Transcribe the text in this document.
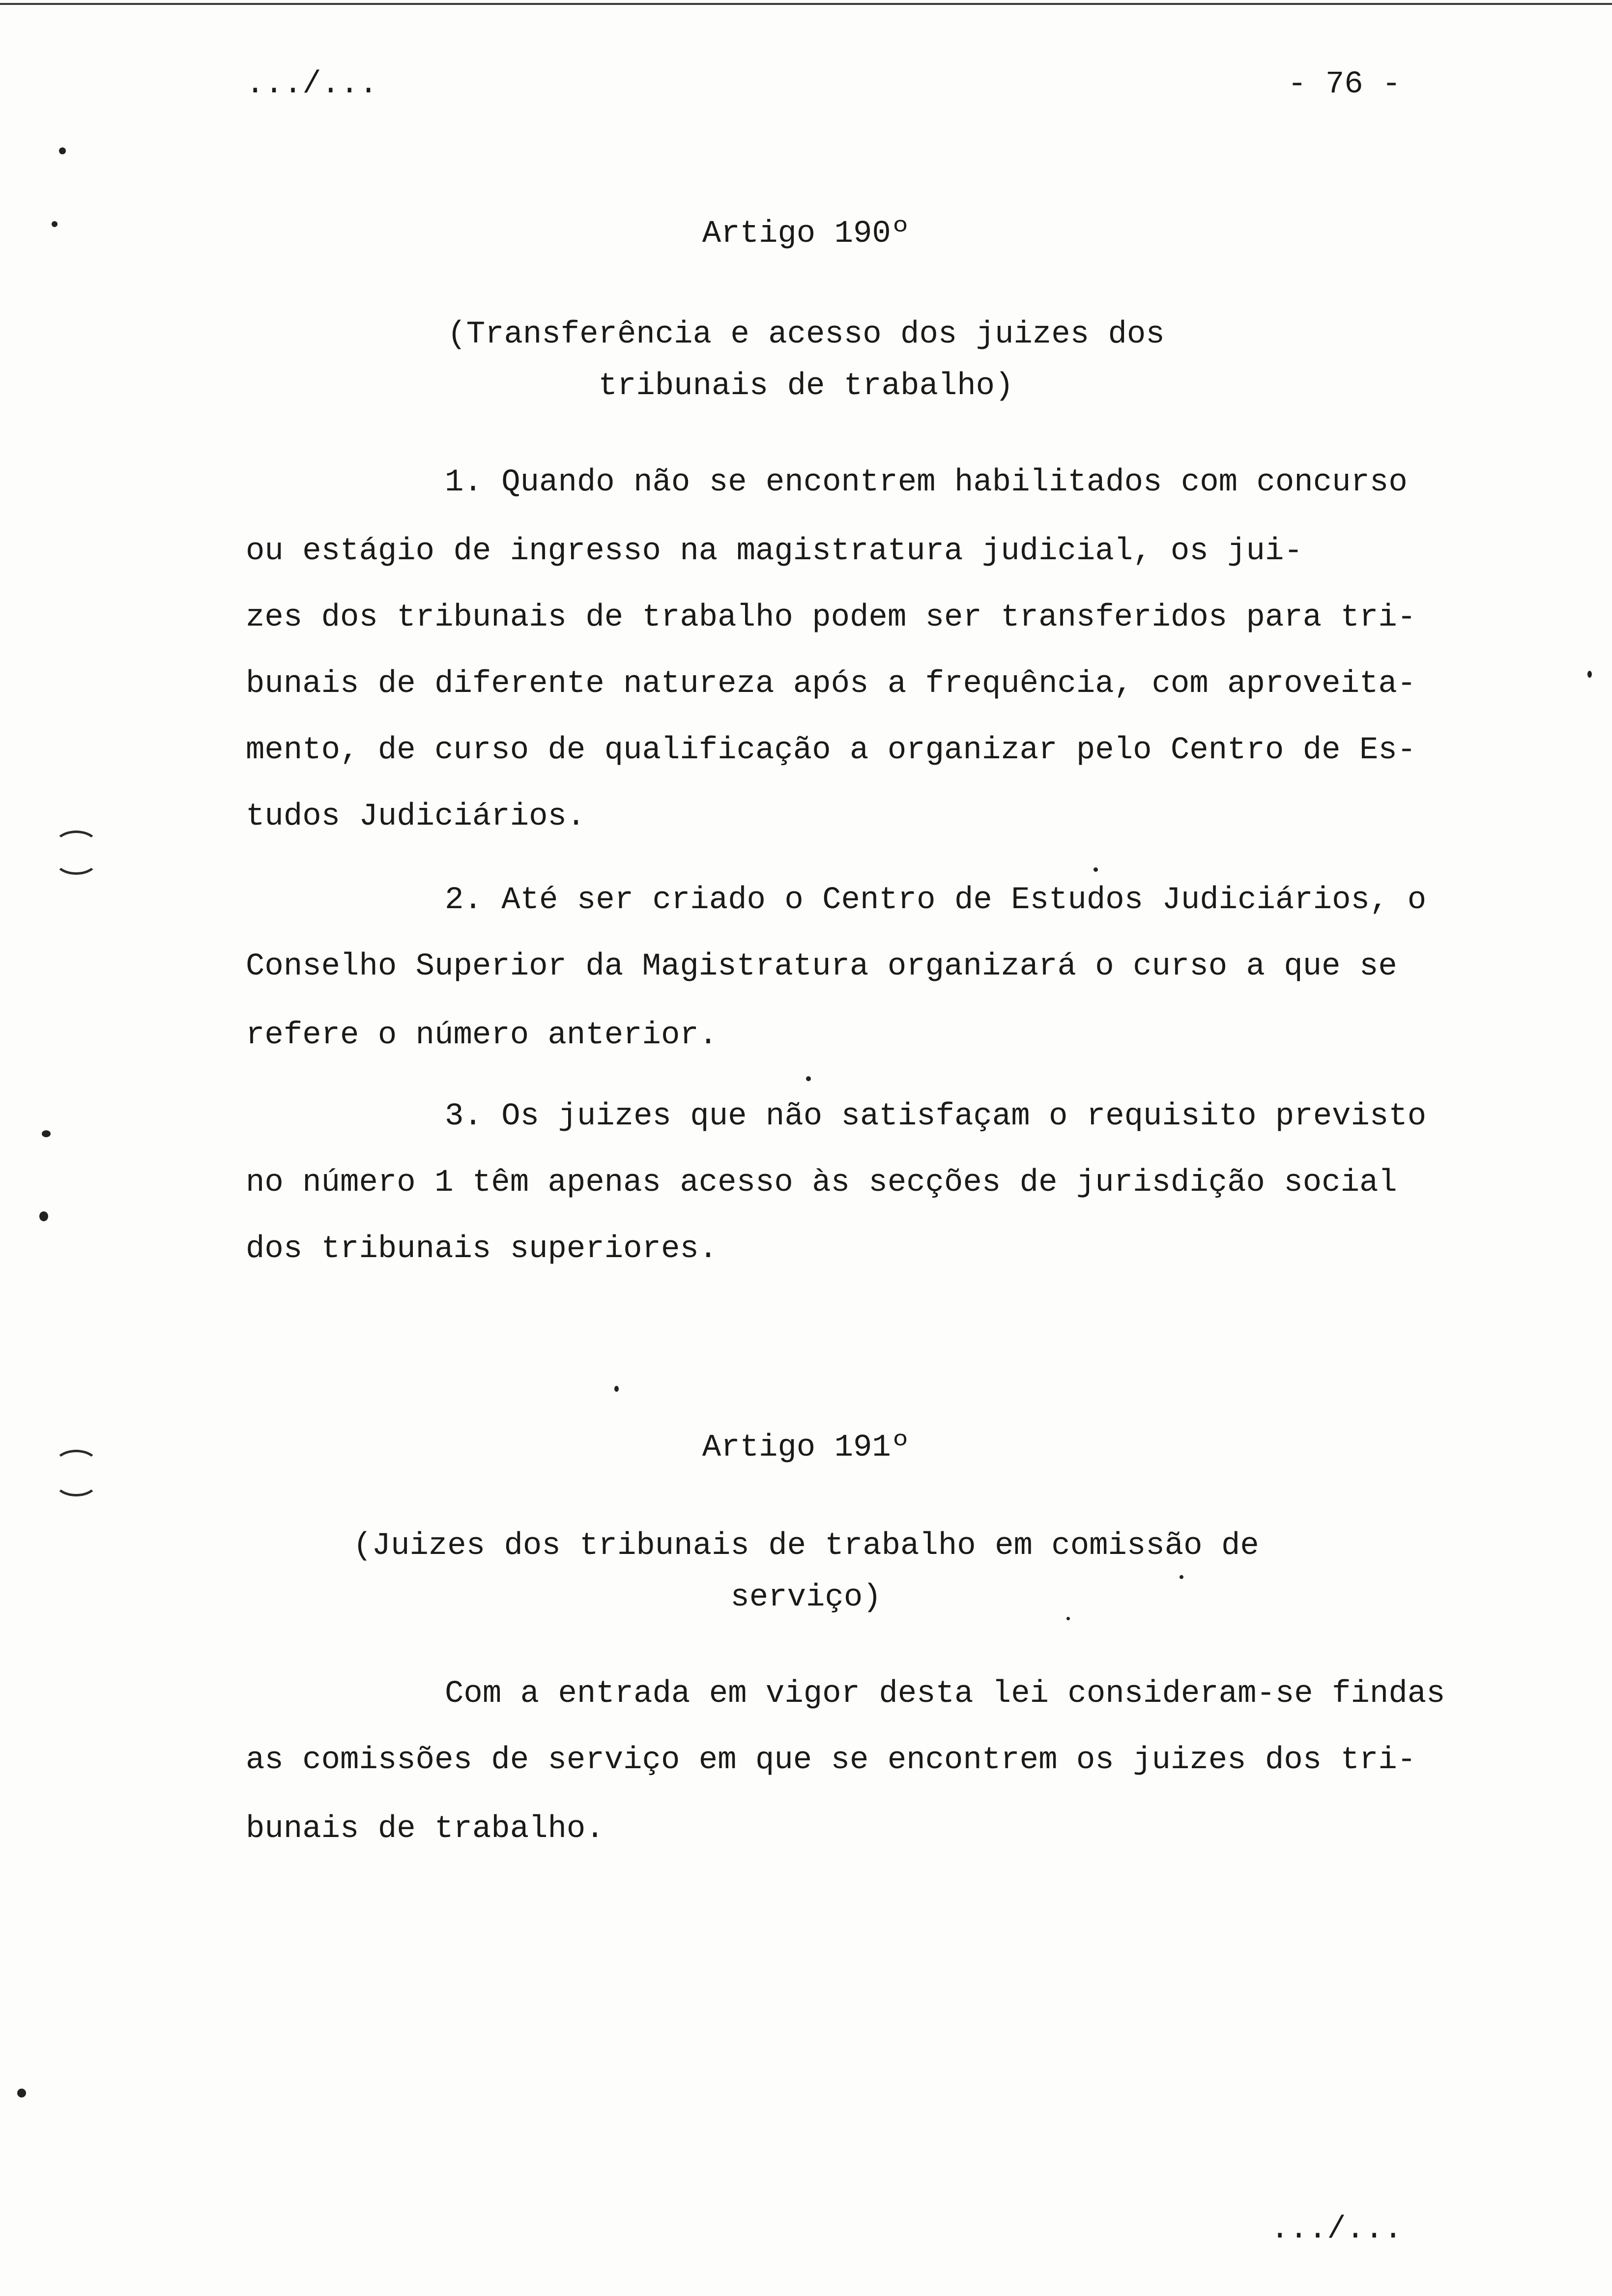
.../...	- 76 -
Artigo 190º
(Transferência e acesso dos juizes dos
tribunais de trabalho)
1. Quando não se encontrem habilitados com concurso
ou estágio de ingresso na magistratura judicial, os jui-
zes dos tribunais de trabalho podem ser transferidos para tri-
bunais de diferente natureza após a frequência, com aproveita-
mento, de curso de qualificação a organizar pelo Centro de Es-
tudos Judiciários.
2. Até ser criado o Centro de Estudos Judiciários, o
Conselho Superior da Magistratura organizará o curso a que se
refere o número anterior.
3. Os juizes que não satisfaçam o requisito previsto
no número 1 têm apenas acesso às secções de jurisdição social
dos tribunais superiores.
Artigo 191º
(Juizes dos tribunais de trabalho em comissão de
serviço)
Com a entrada em vigor desta lei consideram-se findas
as comissões de serviço em que se encontrem os juizes dos tri-
bunais de trabalho.
.../...
